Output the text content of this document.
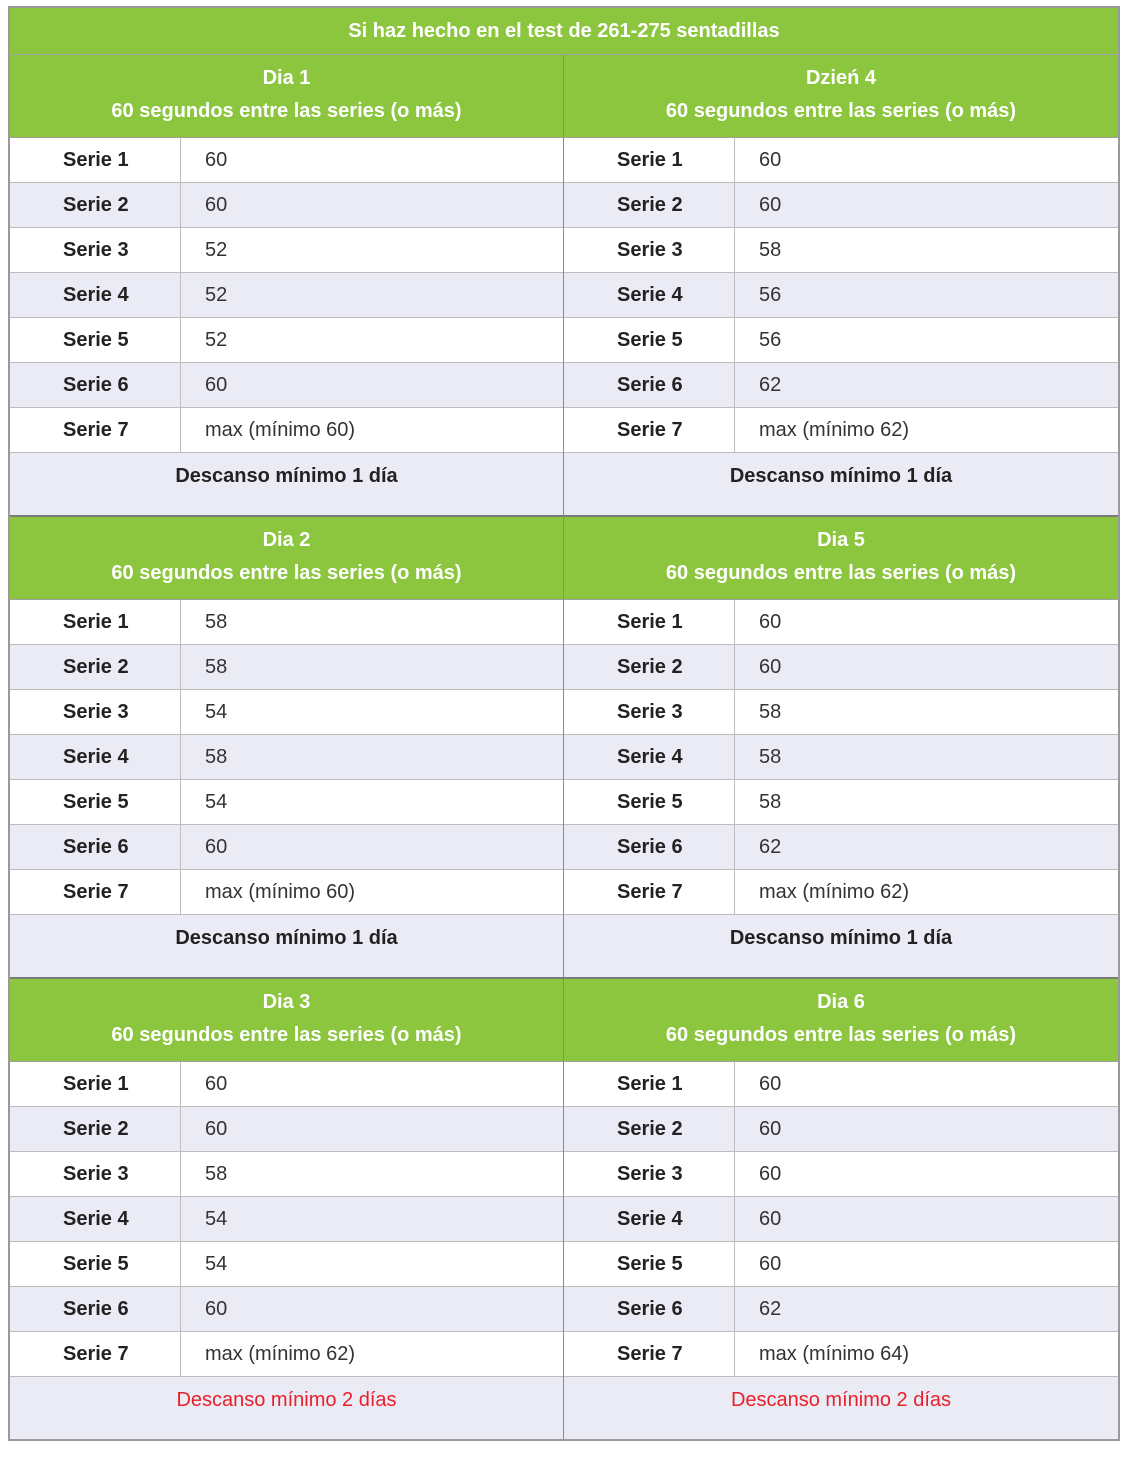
Si haz hecho en el test de 261-275 sentadillas
Dia 1
60 segundos entre las series (o más)
Serie 1	60
Serie 2	60
Serie 3	52
Serie 4	52
Serie 5	52
Serie 6	60
Serie 7	max (mínimo 60)
Descanso mínimo 1 día
Dzień 4
60 segundos entre las series (o más)
Serie 1	60
Serie 2	60
Serie 3	58
Serie 4	56
Serie 5	56
Serie 6	62
Serie 7	max (mínimo 62)
Descanso mínimo 1 día
Dia 2
60 segundos entre las series (o más)
Serie 1	58
Serie 2	58
Serie 3	54
Serie 4	58
Serie 5	54
Serie 6	60
Serie 7	max (mínimo 60)
Descanso mínimo 1 día
Dia 5
60 segundos entre las series (o más)
Serie 1	60
Serie 2	60
Serie 3	58
Serie 4	58
Serie 5	58
Serie 6	62
Serie 7	max (mínimo 62)
Descanso mínimo 1 día
Dia 3
60 segundos entre las series (o más)
Serie 1	60
Serie 2	60
Serie 3	58
Serie 4	54
Serie 5	54
Serie 6	60
Serie 7	max (mínimo 62)
Descanso mínimo 2 días
Dia 6
60 segundos entre las series (o más)
Serie 1	60
Serie 2	60
Serie 3	60
Serie 4	60
Serie 5	60
Serie 6	62
Serie 7	max (mínimo 64)
Descanso mínimo 2 días
